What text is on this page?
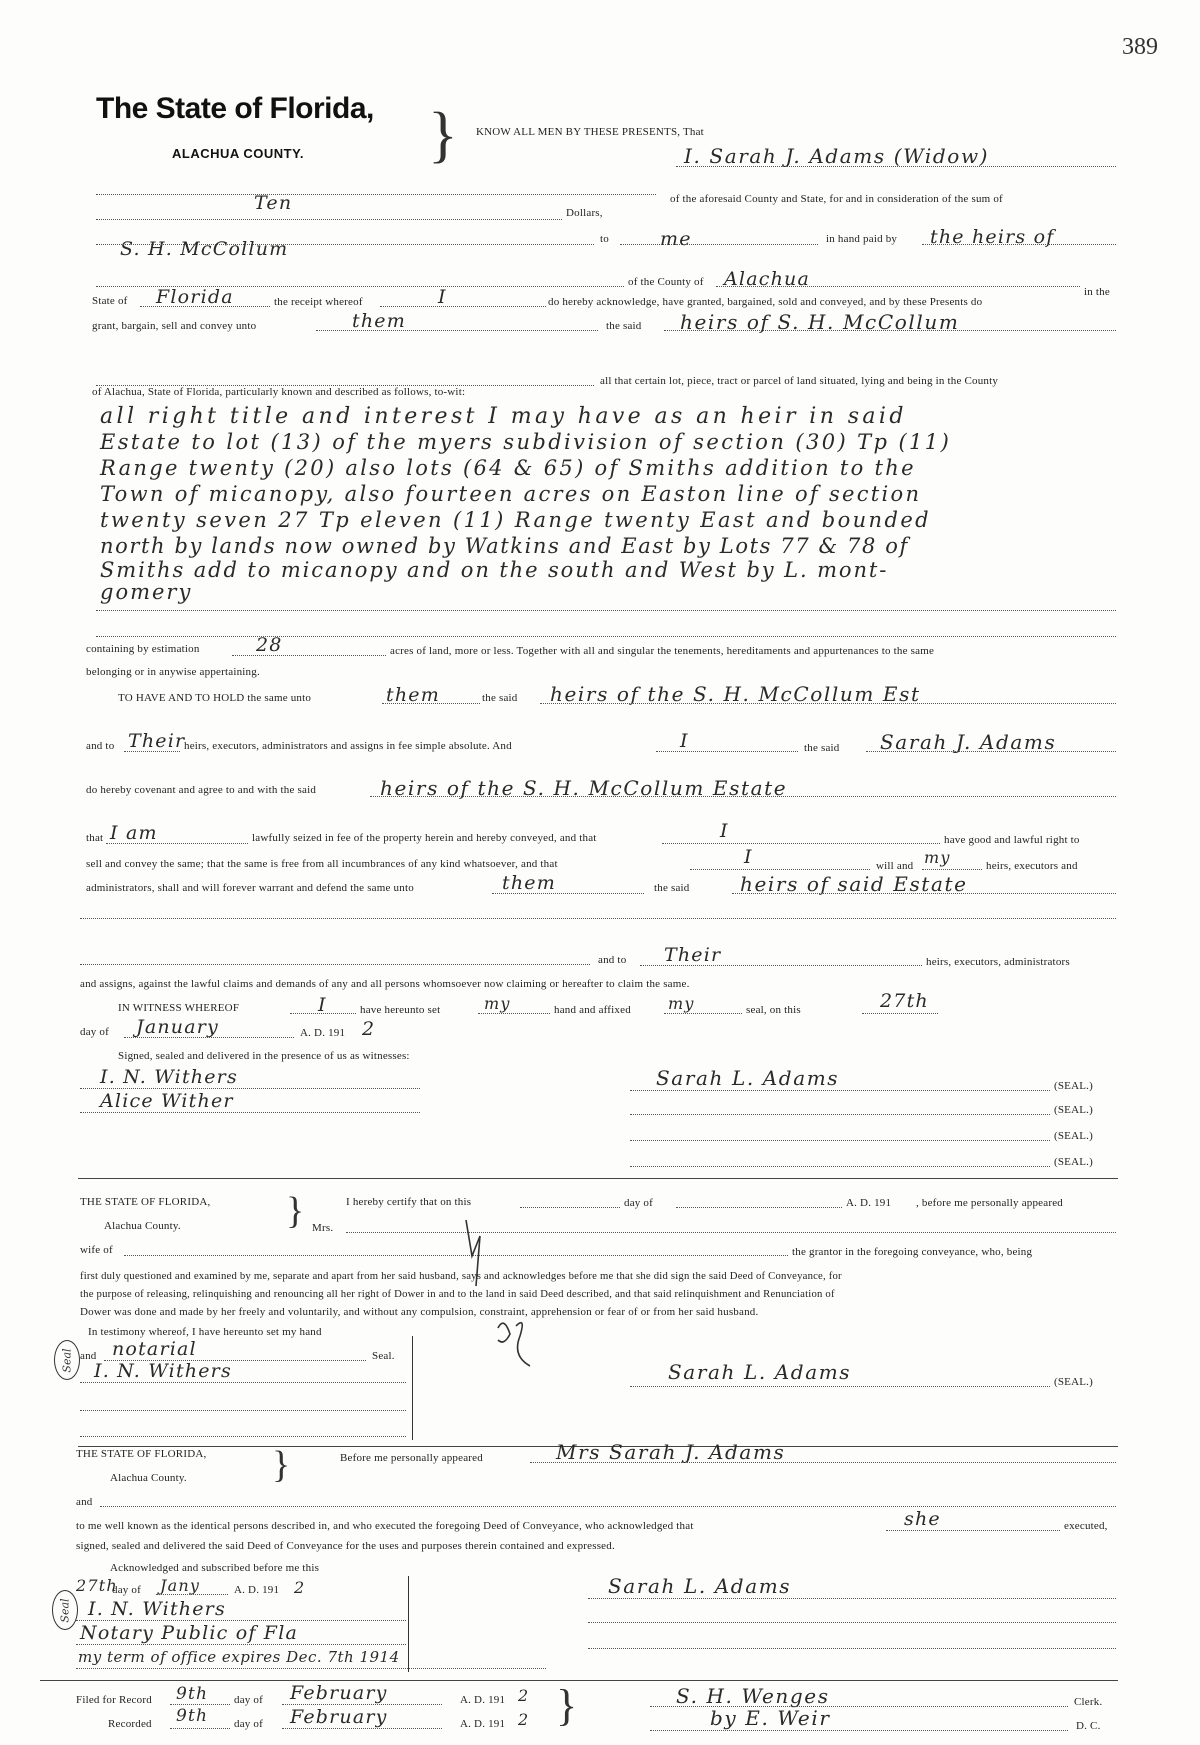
389
The State of Florida,
ALACHUA COUNTY. } KNOW ALL MEN BY THESE PRESENTS, That
I. Sarah J. Adams (Widow)
of the aforesaid County and State, for and in consideration of the sum of
Ten	Dollars,
S. H. McCollum	to	me	in hand paid by the heirs of
of the County of Alachua
in the
State of Florida	the receipt whereof	I	do hereby acknowledge, have granted, bargained, sold and conveyed, and by these Presents do
grant, bargain, sell and convey unto	them	the said heirs of S. H. McCollum
all that certain lot, piece, tract or parcel of land situated, lying and being in the County
of Alachua, State of Florida, particularly known and described as follows, to-wit:
all right title and interest I may have as an heir in said
Estate to lot (13) of the myers subdivision of section (30) Tp (11)
Range twenty (20) also lots (64 & 65) of Smiths addition to the
Town of micanopy, also fourteen acres on Easton line of section
twenty seven 27 Tp eleven (11) Range twenty East and bounded
north by lands now owned by Watkins and East by Lots 77 & 78 of
Smiths add to micanopy and on the south and West by L. mont-
gomery
containing by estimation	28	acres of land, more or less. Together with all and singular the tenements, hereditaments and appurtenances to the same
belonging or in anywise appertaining.
TO HAVE AND TO HOLD the same unto	them	the said heirs of the S. H. McCollum Est
and to Their
heirs, executors, administrators and assigns in fee simple absolute. And	I	the said Sarah J. Adams
do hereby covenant and agree to and with the said	heirs of the S. H. McCollum Estate
that I am	lawfully seized in fee of the property herein and hereby conveyed, and that	I	have good and lawful right to
sell and convey the same; that the same is free from all incumbrances of any kind whatsoever, and that	I	will and my	heirs, executors and
administrators, shall and will forever warrant and defend the same unto	them	the said	heirs of said Estate
and to Their	heirs, executors, administrators
and assigns, against the lawful claims and demands of any and all persons whomsoever now claiming or hereafter to claim the same.
IN WITNESS WHEREOF	I	have hereunto set	my	hand and affixed my	seal, on this	27th
day of January	A. D. 191 2
Signed, sealed and delivered in the presence of us as witnesses:
I. N. Withers
Alice Wither
Sarah L. Adams	(SEAL.)
(SEAL.)
(SEAL.)
(SEAL.)
THE STATE OF FLORIDA,
Alachua County.	}	I hereby certify that on this	day of	A. D. 191 , before me personally appeared
Mrs.
wife of	the grantor in the foregoing conveyance, who, being
first duly questioned and examined by me, separate and apart from her said husband, says and acknowledges before me that she did sign the said Deed of Conveyance, for
the purpose of releasing, relinquishing and renouncing all her right of Dower in and to the land in said Deed described, and that said relinquishment and Renunciation of
Dower was done and made by her freely and voluntarily, and without any compulsion, constraint, apprehension or fear of or from her said husband.
In testimony whereof, I have hereunto set my hand
and notarial	Seal.
I. N. Withers
Seal	Sarah L. Adams	(SEAL.)
THE STATE OF FLORIDA,
Alachua County. }	Before me personally appeared	Mrs Sarah J. Adams
and
to me well known as the identical persons described in, and who executed the foregoing Deed of Conveyance, who acknowledged that	she	executed,
signed, sealed and delivered the said Deed of Conveyance for the uses and purposes therein contained and expressed.
Acknowledged and subscribed before me this
27th
day of Jany	A. D. 191 2
I. N. Withers
Notary Public of Fla
my term of office expires Dec. 7th 1914
Seal
Sarah L. Adams
Filed for Record 9th day of February	A. D. 191 2
Recorded 9th day of February	A. D. 191 2 }	S. H. Wenges	Clerk.
by E. Weir	D. C.
